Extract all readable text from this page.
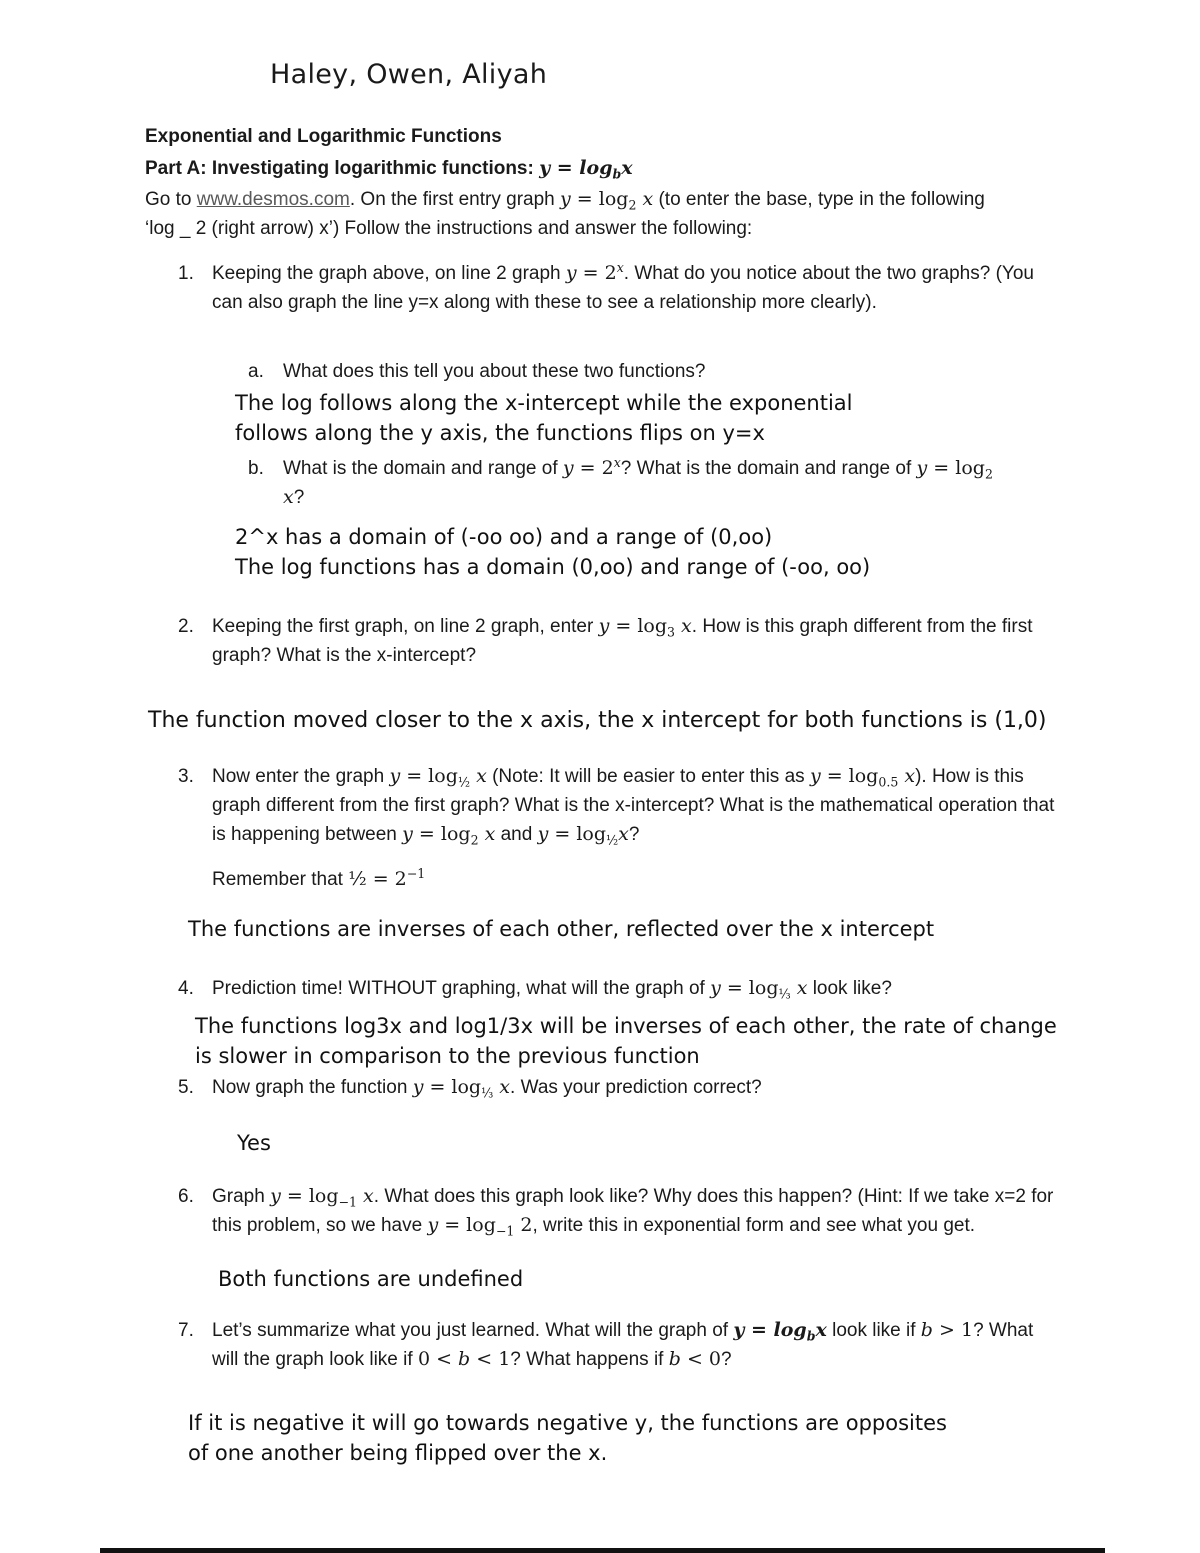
Haley, Owen, Aliyah
Exponential and Logarithmic Functions

Part A: Investigating logarithmic functions: $y = \log_bx$

Go to www.desmos.com. On the first entry graph $y = \log_2 x$ (to enter the base, type in the following ‘log _ 2 (right arrow) x’) Follow the instructions and answer the following:

1. Keeping the graph above, on line 2 graph $y = 2^x$. What do you notice about the two graphs? (You can also graph the line y=x along with these to see a relationship more clearly).
a.	What does this tell you about these two functions?
The log follows along the x-intercept while the exponential follows along the y axis, the functions flips on y=x
b.	What is the domain and range of $y = 2^x$? What is the domain and range of $y = \log_2 x$?
2^x has a domain of (-oo oo) and a range of (0,oo)
The log functions has a domain (0,oo) and range of (-oo, oo)
2. Keeping the first graph, on line 2 graph, enter $y = \log_3 x$. How is this graph different from the first graph? What is the x-intercept?
The function moved closer to the x axis, the x intercept for both functions is (1,0)
3. Now enter the graph $y = \log_{\frac{1}{2}} x$ (Note: It will be easier to enter this as $y = \log_{0.5} x$). How is this graph different from the first graph? What is the x-intercept? What is the mathematical operation that is happening between $y = \log_2 x$ and $y = \log_{\frac{1}{2}}x$?

Remember that ½ = $2^{-1}$

The functions are inverses of each other, reflected over the x intercept
4. Prediction time! WITHOUT graphing, what will the graph of $y = \log_{\frac{1}{3}} x$ look like?
The functions log3x and log1/3x will be inverses of each other, the rate of change is slower in comparison to the previous function
5. Now graph the function $y = \log_{\frac{1}{3}} x$. Was your prediction correct?
Yes
6. Graph $y = \log_{-1} x$. What does this graph look like? Why does this happen? (Hint: If we take x=2 for this problem, so we have $y = \log_{-1} 2$, write this in exponential form and see what you get.
Both functions are undefined
7. Let’s summarize what you just learned. What will the graph of $y = \log_bx$ look like if b > 1? What will the graph look like if 0 < b < 1? What happens if b < 0?
If it is negative it will go towards negative y, the functions are opposites of one another being flipped over the x.
